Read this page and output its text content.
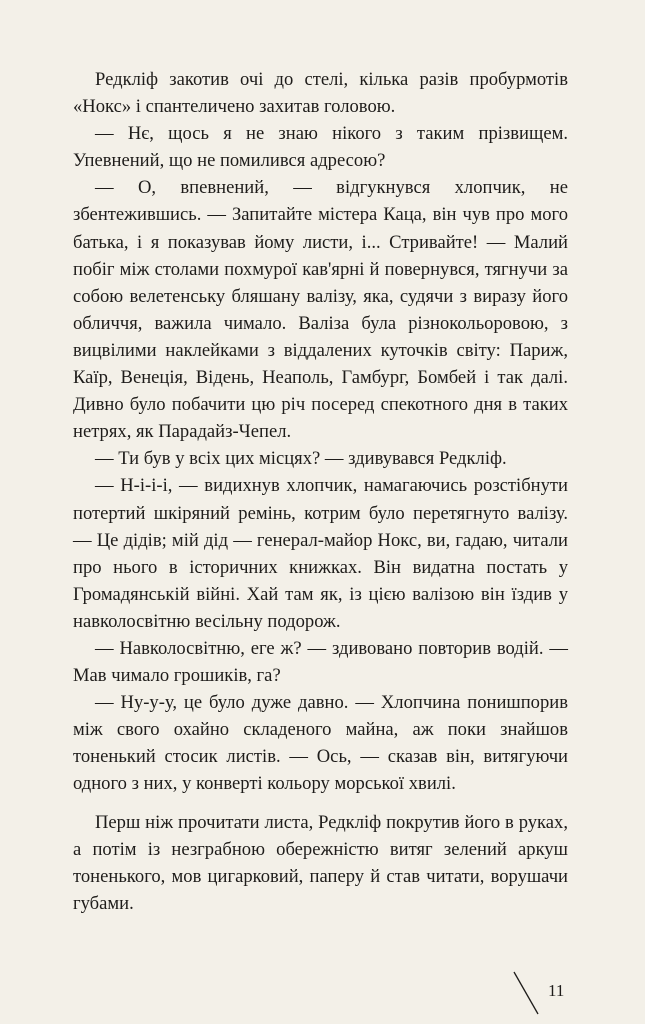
Редкліф закотив очі до стелі, кілька разів пробурмотів «Нокс» і спантеличено захитав головою.

— Нє, щось я не знаю нікого з таким прізвищем. Упевнений, що не помилився адресою?

— О, впевнений, — відгукнувся хлопчик, не збентежившись. — Запитайте містера Каца, він чув про мого батька, і я показував йому листи, і... Стривайте! — Малий побіг між столами похмурої кав'ярні й повернувся, тягнучи за собою велетенську бляшану валізу, яка, судячи з виразу його обличчя, важила чимало. Валіза була різнокольоровою, з вицвілими наклейками з віддалених куточків світу: Париж, Каїр, Венеція, Відень, Неаполь, Гамбург, Бомбей і так далі. Дивно було побачити цю річ посеред спекотного дня в таких нетрях, як Парадайз-Чепел.

— Ти був у всіх цих місцях? — здивувався Редкліф.

— Н-і-і-і, — видихнув хлопчик, намагаючись розстібнути потертий шкіряний ремінь, котрим було перетягнуто валізу. — Це дідів; мій дід — генерал-майор Нокс, ви, гадаю, читали про нього в історичних книжках. Він видатна постать у Громадянській війні. Хай там як, із цією валізою він їздив у навколосвітню весільну подорож.

— Навколосвітню, еге ж? — здивовано повторив водій. — Мав чимало грошиків, га?

— Ну-у-у, це було дуже давно. — Хлопчина понишпорив між свого охайно складеного майна, аж поки знайшов тоненький стосик листів. — Ось, — сказав він, витягуючи одного з них, у конверті кольору морської хвилі.

Перш ніж прочитати листа, Редкліф покрутив його в руках, а потім із незграбною обережністю витяг зелений аркуш тоненького, мов цигарковий, паперу й став читати, ворушачи губами.

11
